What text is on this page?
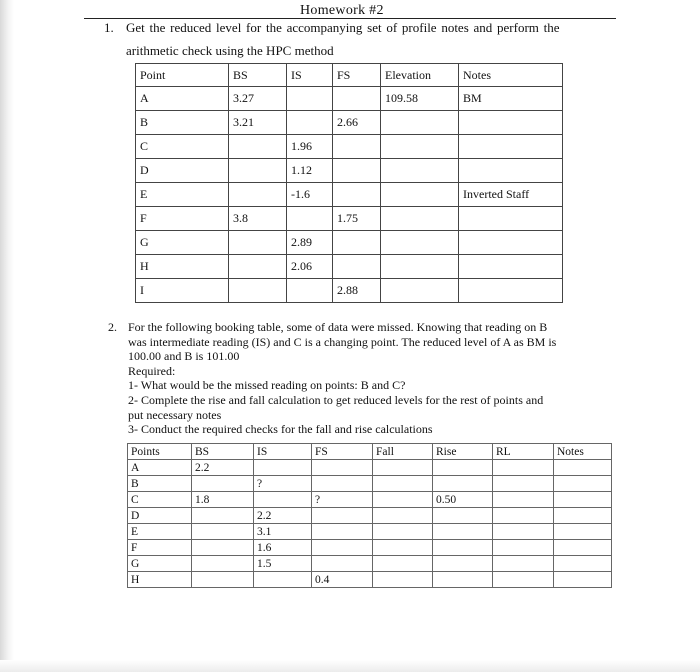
Homework #2
1. Get the reduced level for the accompanying set of profile notes and perform the
arithmetic check using the HPC method
Point	BS	IS	FS	Elevation	Notes
A	3.27			109.58	BM
B	3.21		2.66		
C		1.96			
D		1.12			
E		-1.6			Inverted Staff
F	3.8		1.75		
G		2.89			
H		2.06			
I			2.88		
2. For the following booking table, some of data were missed. Knowing that reading on B
was intermediate reading (IS) and C is a changing point. The reduced level of A as BM is
100.00 and B is 101.00
Required:
1- What would be the missed reading on points: B and C?
2- Complete the rise and fall calculation to get reduced levels for the rest of points and
put necessary notes
3- Conduct the required checks for the fall and rise calculations
Points	BS	IS	FS	Fall	Rise	RL	Notes
A	2.2						
B		?					
C	1.8		?		0.50		
D		2.2					
E		3.1					
F		1.6					
G		1.5					
H			0.4				
